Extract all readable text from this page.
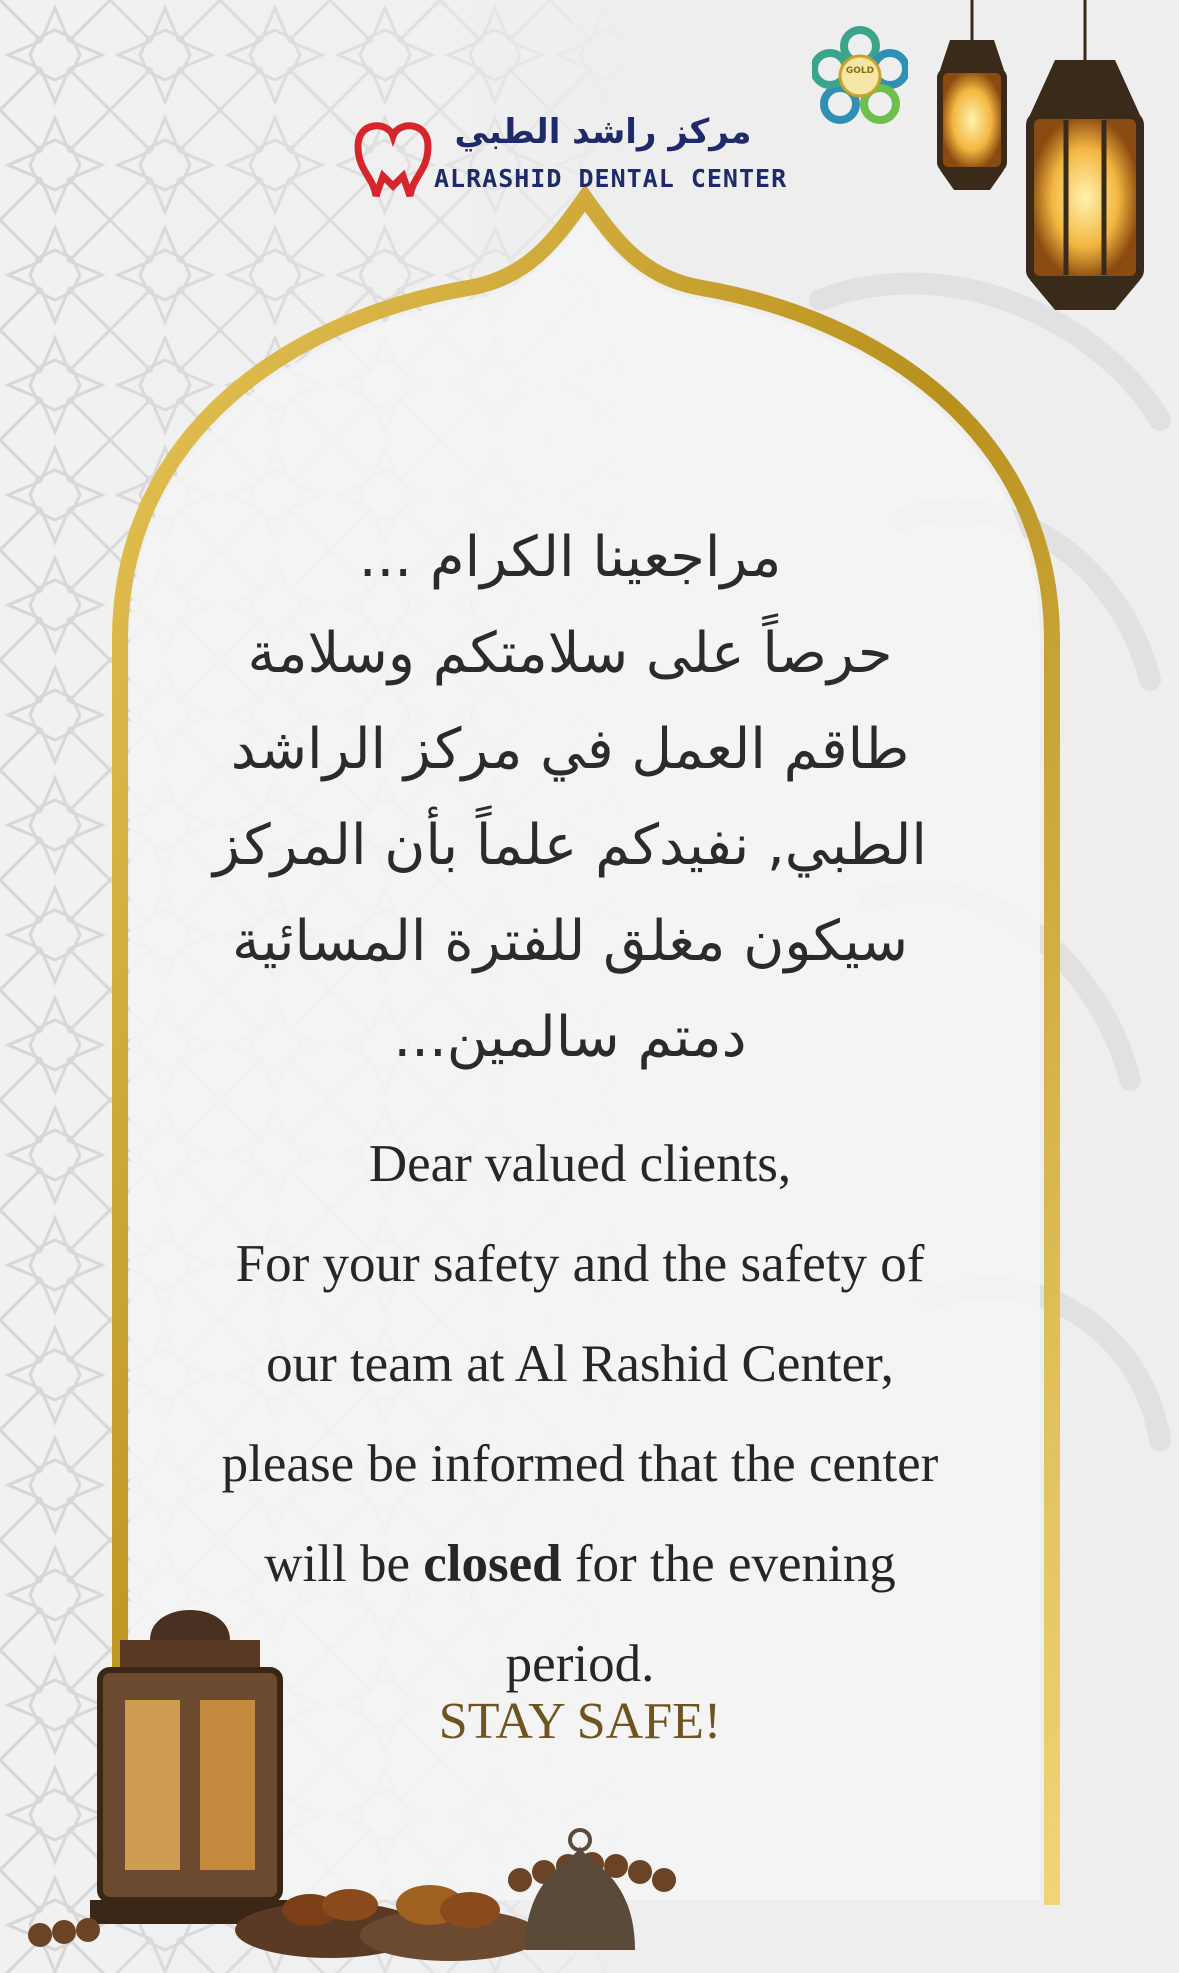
مركز راشد الطبي
ALRASHID DENTAL CENTER
GOLD
مراجعينا الكرام ...
حرصاً على سلامتكم وسلامة
طاقم العمل في مركز الراشد
الطبي, نفيدكم علماً بأن المركز
سيكون مغلق للفترة المسائية
دمتم سالمين...
Dear valued clients,
For your safety and the safety of
our team at Al Rashid Center,
please be informed that the center
will be closed for the evening
period.
STAY SAFE!
